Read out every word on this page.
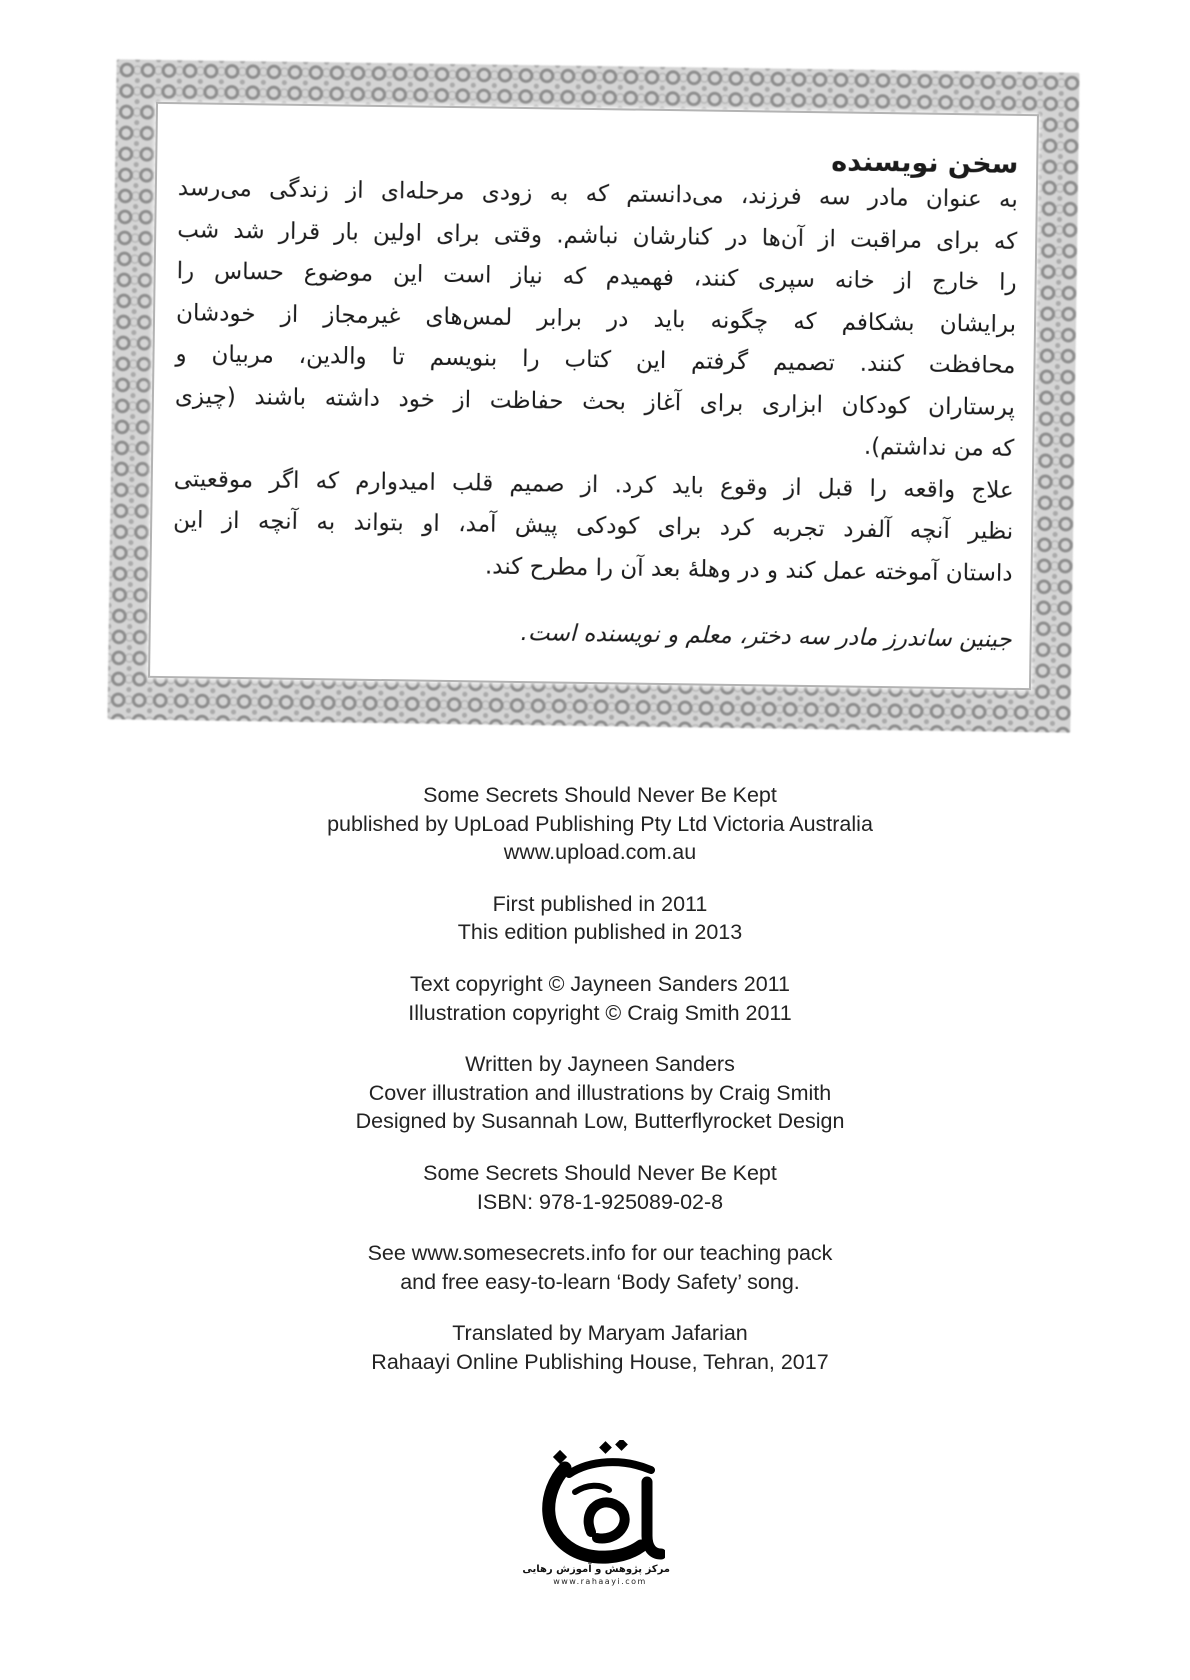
سخن نویسنده
به عنوان مادر سه فرزند، می‌دانستم که به زودی مرحله‌ای از زندگی می‌رسد
که برای مراقبت از آن‌ها در کنارشان نباشم. وقتی برای اولین بار قرار شد شب
را خارج از خانه سپری کنند، فهمیدم که نیاز است این موضوع حساس را
برایشان بشکافم که چگونه باید در برابر لمس‌های غیرمجاز از خودشان
محافظت کنند. تصمیم گرفتم این کتاب را بنویسم تا والدین، مربیان و
پرستاران کودکان ابزاری برای آغاز بحث حفاظت از خود داشته باشند (چیزی
که من نداشتم).
علاج واقعه را قبل از وقوع باید کرد. از صمیم قلب امیدوارم که اگر موقعیتی
نظیر آنچه آلفرد تجربه کرد برای کودکی پیش آمد، او بتواند به آنچه از این
داستان آموخته عمل کند و در وهلهٔ بعد آن را مطرح کند.
جینین ساندرز مادر سه دختر، معلم و نویسنده است.
Some Secrets Should Never Be Kept
published by UpLoad Publishing Pty Ltd Victoria Australia
www.upload.com.au
First published in 2011
This edition published in 2013
Text copyright © Jayneen Sanders 2011
Illustration copyright © Craig Smith 2011
Written by Jayneen Sanders
Cover illustration and illustrations by Craig Smith
Designed by Susannah Low, Butterflyrocket Design
Some Secrets Should Never Be Kept
ISBN: 978-1-925089-02-8
See www.somesecrets.info for our teaching pack
and free easy-to-learn ‘Body Safety’ song.
Translated by Maryam Jafarian
Rahaayi Online Publishing House, Tehran, 2017
مرکز پژوهش و آموزش رهایی
www.rahaayi.com
